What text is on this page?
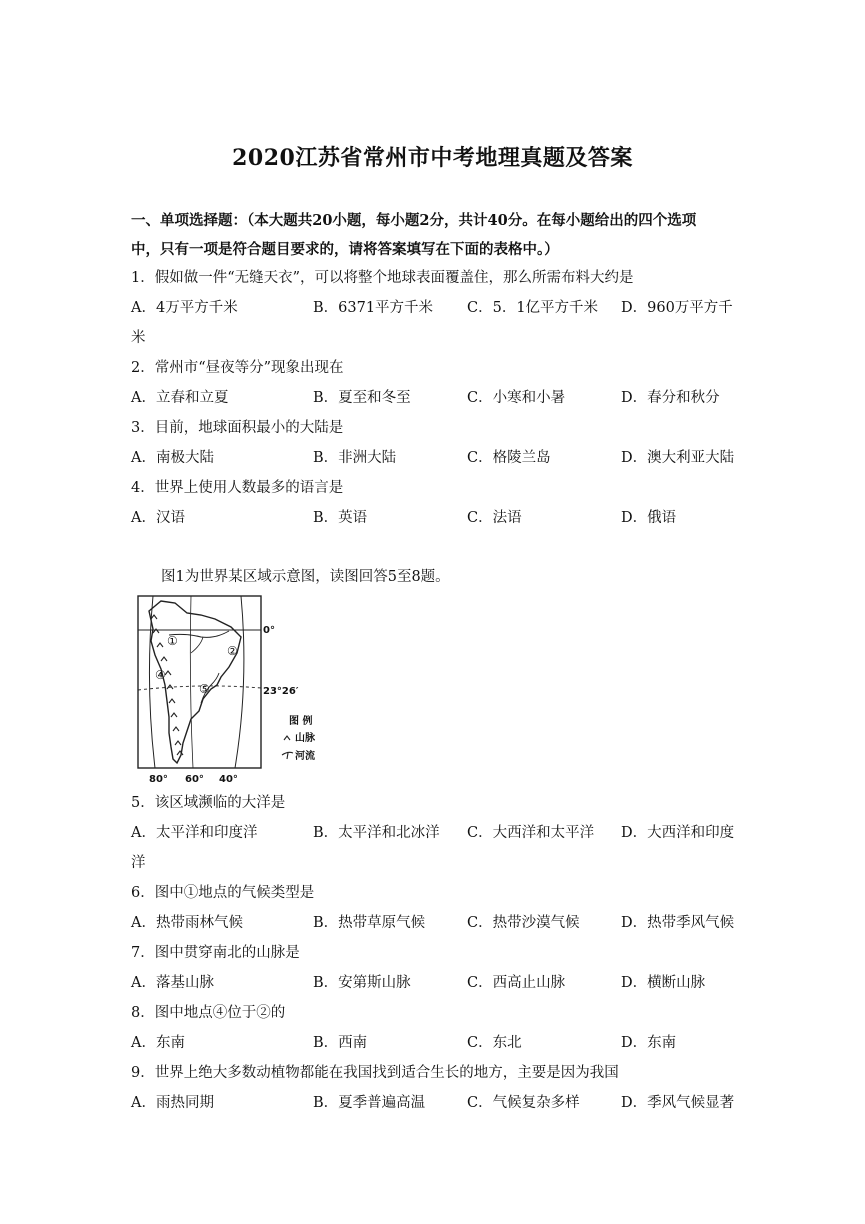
2020江苏省常州市中考地理真题及答案
一、单项选择题：（本大题共20小题，每小题2分，共计40分。在每小题给出的四个选项
中，只有一项是符合题目要求的，请将答案填写在下面的表格中。）
1．假如做一件“无缝天衣”，可以将整个地球表面覆盖住，那么所需布料大约是
A．4万平方千米	B．6371平方千米 C．5．1亿平方千米 D．960万平方千
米
2．常州市“昼夜等分”现象出现在
A．立春和立夏	B．夏至和冬至	C．小寒和小暑	D．春分和秋分
3．目前，地球面积最小的大陆是
A．南极大陆	B．非洲大陆	C．格陵兰岛	D．澳大利亚大陆
4．世界上使用人数最多的语言是
A．汉语	B．英语	C．法语	D．俄语
图1为世界某区域示意图，读图回答5至8题。
①
②
④
⑤
0°
23°26′
80° 60° 40°
图 例
山脉
河流
5．该区域濒临的大洋是
A．太平洋和印度洋	B．太平洋和北冰洋 C．大西洋和太平洋 D．大西洋和印度
洋
6．图中①地点的气候类型是
A．热带雨林气候	B．热带草原气候	C．热带沙漠气候	D．热带季风气候
7．图中贯穿南北的山脉是
A．落基山脉	B．安第斯山脉	C．西高止山脉	D．横断山脉
8．图中地点④位于②的
A．东南	B．西南	C．东北	D．东南
9．世界上绝大多数动植物都能在我国找到适合生长的地方，主要是因为我国
A．雨热同期	B．夏季普遍高温	C．气候复杂多样	D．季风气候显著
